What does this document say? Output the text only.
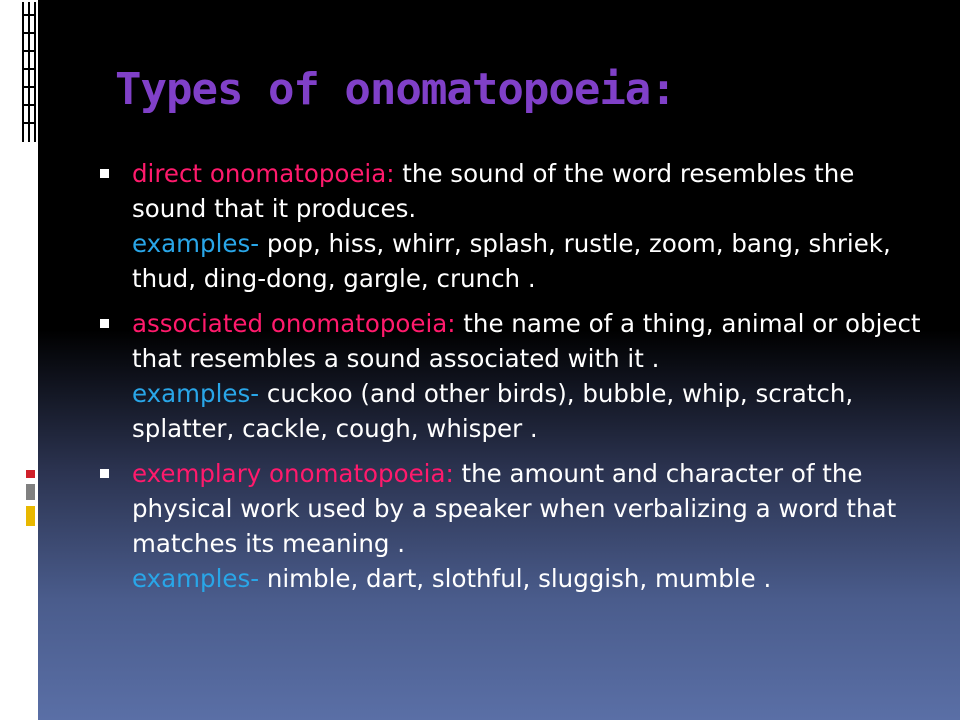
Types of onomatopoeia:
direct onomatopoeia: the sound of the word resembles the sound that it produces.
examples- pop, hiss, whirr, splash, rustle, zoom, bang, shriek, thud, ding-dong, gargle, crunch .
associated onomatopoeia: the name of a thing, animal or object that resembles a sound associated with it .
examples- cuckoo (and other birds), bubble, whip, scratch, splatter, cackle, cough, whisper .
exemplary onomatopoeia: the amount and character of the physical work used by a speaker when verbalizing a word that matches its meaning .
examples- nimble, dart, slothful, sluggish, mumble .
